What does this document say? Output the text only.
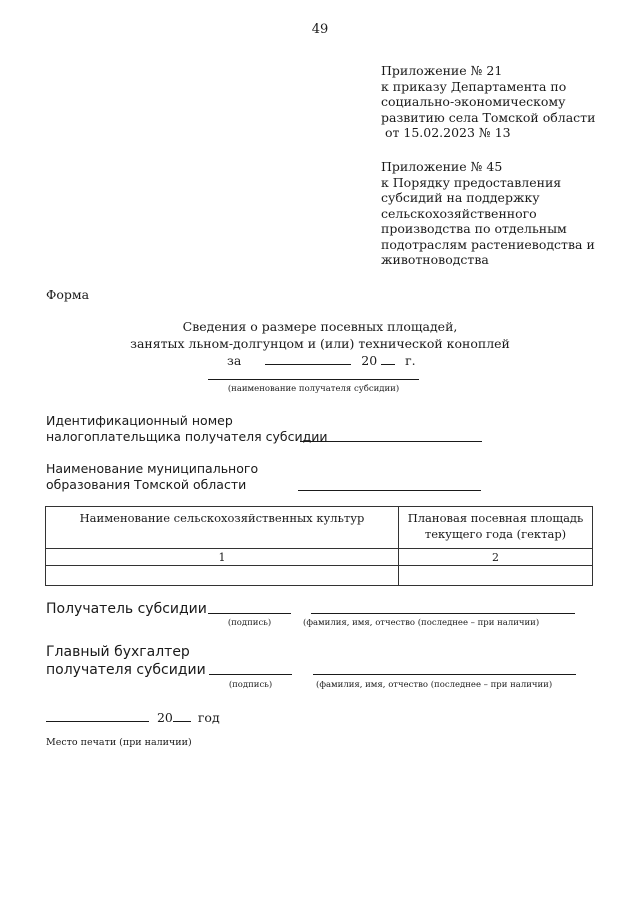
49
Приложение № 21
к приказу Департамента по
социально-экономическому
развитию села Томской области
от 15.02.2023 № 13
Приложение № 45
к Порядку предоставления
субсидий на поддержку
сельскохозяйственного
производства по отдельным
подотраслям растениеводства и
животноводства
Форма
Сведения о размере посевных площадей,
занятых льном-долгунцом и (или) технической коноплей
за	20 г.
(наименование получателя субсидии)
Идентификационный номер
налогоплательщика получателя субсидии
Наименование муниципального
образования Томской области
Наименование сельскохозяйственных культур	Плановая посевная площадь
текущего года (гектар)

1	2

Получатель субсидии
(подпись)	(фамилия, имя, отчество (последнее – при наличии)
Главный бухгалтер
получателя субсидии
(подпись)	(фамилия, имя, отчество (последнее – при наличии)
20 год
Место печати (при наличии)
